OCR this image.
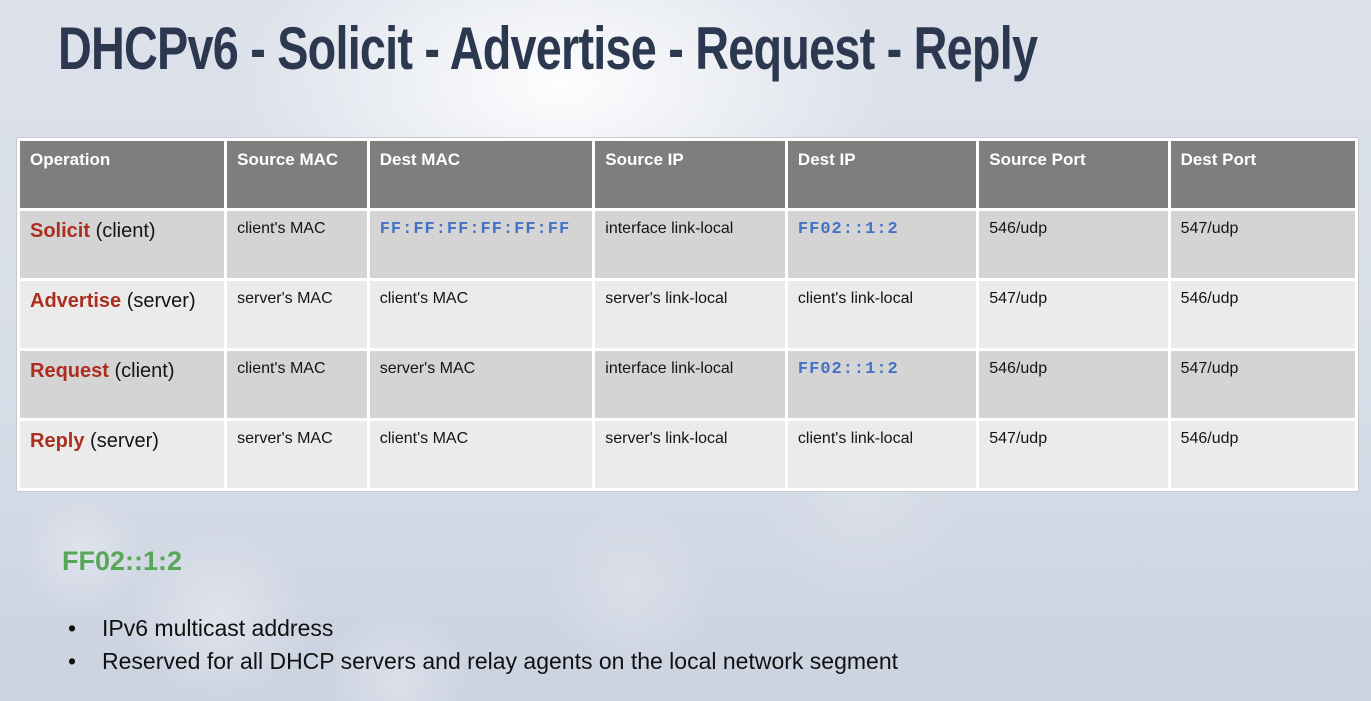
DHCPv6 - Solicit - Advertise - Request - Reply
Operation	Source MAC	Dest MAC	Source IP	Dest IP	Source Port	Dest Port
Solicit (client)	client's MAC	FF:FF:FF:FF:FF:FF	interface link-local	FF02::1:2	546/udp	547/udp
Advertise (server)	server's MAC	client's MAC	server's link-local	client's link-local	547/udp	546/udp
Request (client)	client's MAC	server's MAC	interface link-local	FF02::1:2	546/udp	547/udp
Reply (server)	server's MAC	client's MAC	server's link-local	client's link-local	547/udp	546/udp
FF02::1:2
• IPv6 multicast address
• Reserved for all DHCP servers and relay agents on the local network segment
